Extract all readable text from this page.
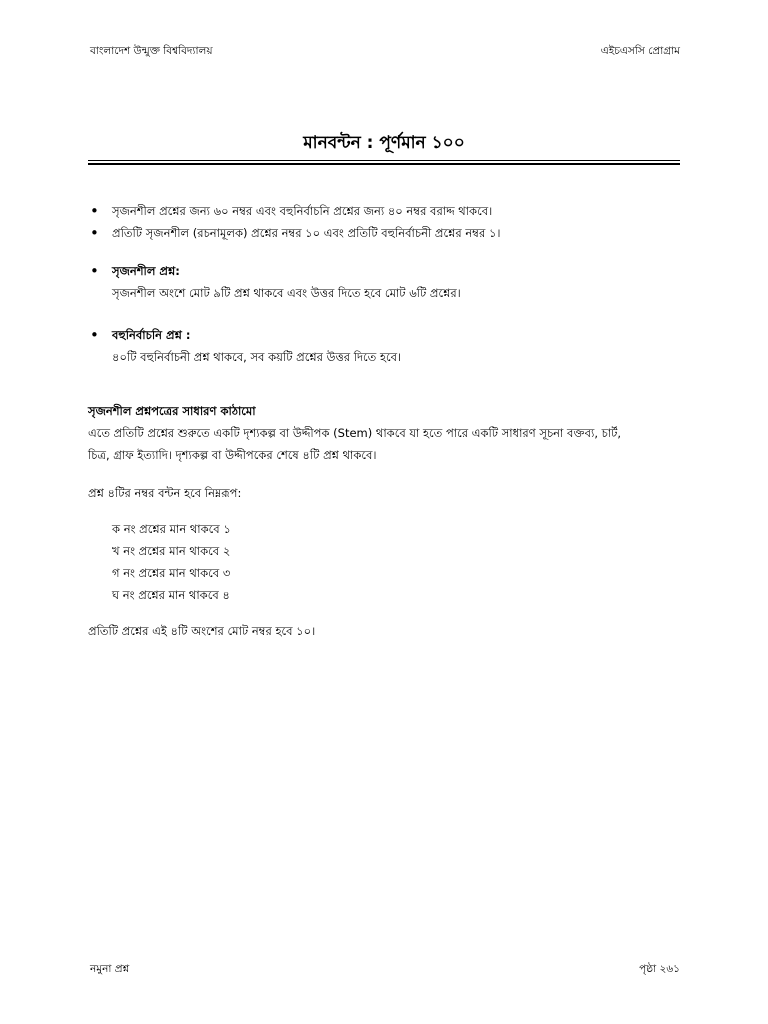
বাংলাদেশ উন্মুক্ত বিশ্ববিদ্যালয়	এইচএসসি প্রোগ্রাম
মানবন্টন : পূর্ণমান ১০০
• সৃজনশীল প্রশ্নের জন্য ৬০ নম্বর এবং বহুনির্বাচনি প্রশ্নের জন্য ৪০ নম্বর বরাদ্দ থাকবে।
• প্রতিটি সৃজনশীল (রচনামূলক) প্রশ্নের নম্বর ১০ এবং প্রতিটি বহুনির্বাচনী প্রশ্নের নম্বর ১।
• সৃজনশীল প্রশ্ন:
সৃজনশীল অংশে মোট ৯টি প্রশ্ন থাকবে এবং উত্তর দিতে হবে মোট ৬টি প্রশ্নের।
• বহুনির্বাচনি প্রশ্ন :
৪০টি বহুনির্বাচনী প্রশ্ন থাকবে, সব কয়টি প্রশ্নের উত্তর দিতে হবে।
সৃজনশীল প্রশ্নপত্রের সাধারণ কাঠামো
এতে প্রতিটি প্রশ্নের শুরুতে একটি দৃশ্যকল্প বা উদ্দীপক (Stem) থাকবে যা হতে পারে একটি সাধারণ সূচনা বক্তব্য, চার্ট,
চিত্র, গ্রাফ ইত্যাদি। দৃশ্যকল্প বা উদ্দীপকের শেষে ৪টি প্রশ্ন থাকবে।
প্রশ্ন ৪টির নম্বর বন্টন হবে নিম্নরূপ:
ক নং প্রশ্নের মান থাকবে ১
খ নং প্রশ্নের মান থাকবে ২
গ নং প্রশ্নের মান থাকবে ৩
ঘ নং প্রশ্নের মান থাকবে ৪
প্রতিটি প্রশ্নের এই ৪টি অংশের মোট নম্বর হবে ১০।
নমুনা প্রশ্ন	পৃষ্ঠা ২৬১
